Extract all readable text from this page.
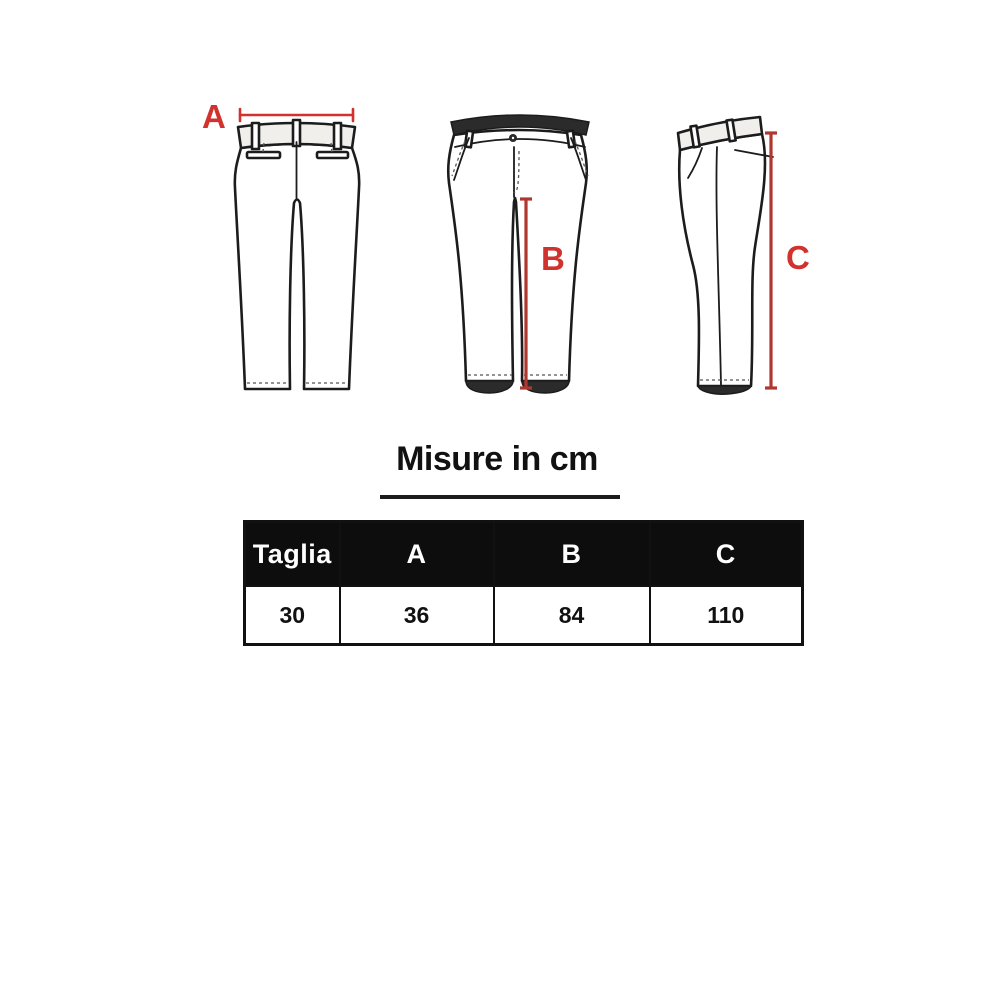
A
B	C
Misure in cm
Taglia	A	B	C
30	36	84	110
